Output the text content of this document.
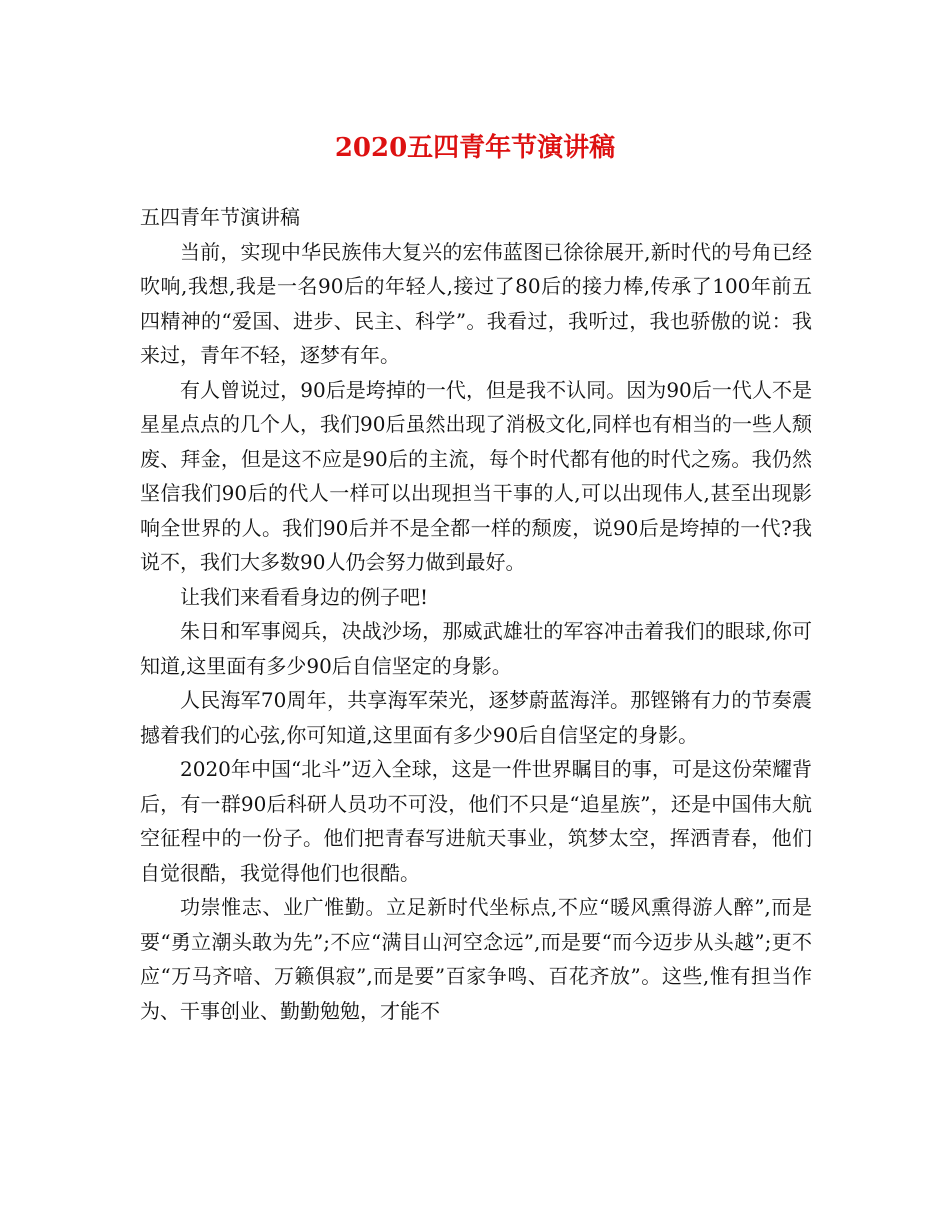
2020五四青年节演讲稿

五四青年节演讲稿

当前，实现中华民族伟大复兴的宏伟蓝图已徐徐展开,新时代的号角已经吹响,我想,我是一名90后的年轻人,接过了80后的接力棒,传承了100年前五四精神的“爱国、进步、民主、科学”。我看过，我听过，我也骄傲的说：我来过，青年不轻，逐梦有年。

有人曾说过，90后是垮掉的一代，但是我不认同。因为90后一代人不是星星点点的几个人，我们90后虽然出现了消极文化,同样也有相当的一些人颓废、拜金，但是这不应是90后的主流，每个时代都有他的时代之殇。我仍然坚信我们90后的代人一样可以出现担当干事的人,可以出现伟人,甚至出现影响全世界的人。我们90后并不是全都一样的颓废，说90后是垮掉的一代?我说不，我们大多数90人仍会努力做到最好。

让我们来看看身边的例子吧!

朱日和军事阅兵，决战沙场，那威武雄壮的军容冲击着我们的眼球,你可知道,这里面有多少90后自信坚定的身影。

人民海军70周年，共享海军荣光，逐梦蔚蓝海洋。那铿锵有力的节奏震撼着我们的心弦,你可知道,这里面有多少90后自信坚定的身影。

2020年中国“北斗”迈入全球，这是一件世界瞩目的事，可是这份荣耀背后，有一群90后科研人员功不可没，他们不只是“追星族”，还是中国伟大航空征程中的一份子。他们把青春写进航天事业，筑梦太空，挥洒青春，他们自觉很酷，我觉得他们也很酷。

功崇惟志、业广惟勤。立足新时代坐标点,不应“暖风熏得游人醉”,而是要“勇立潮头敢为先”;不应“满目山河空念远”,而是要“而今迈步从头越”;更不应“万马齐喑、万籁俱寂”,而是要”百家争鸣、百花齐放”。这些,惟有担当作为、干事创业、勤勤勉勉，才能不
